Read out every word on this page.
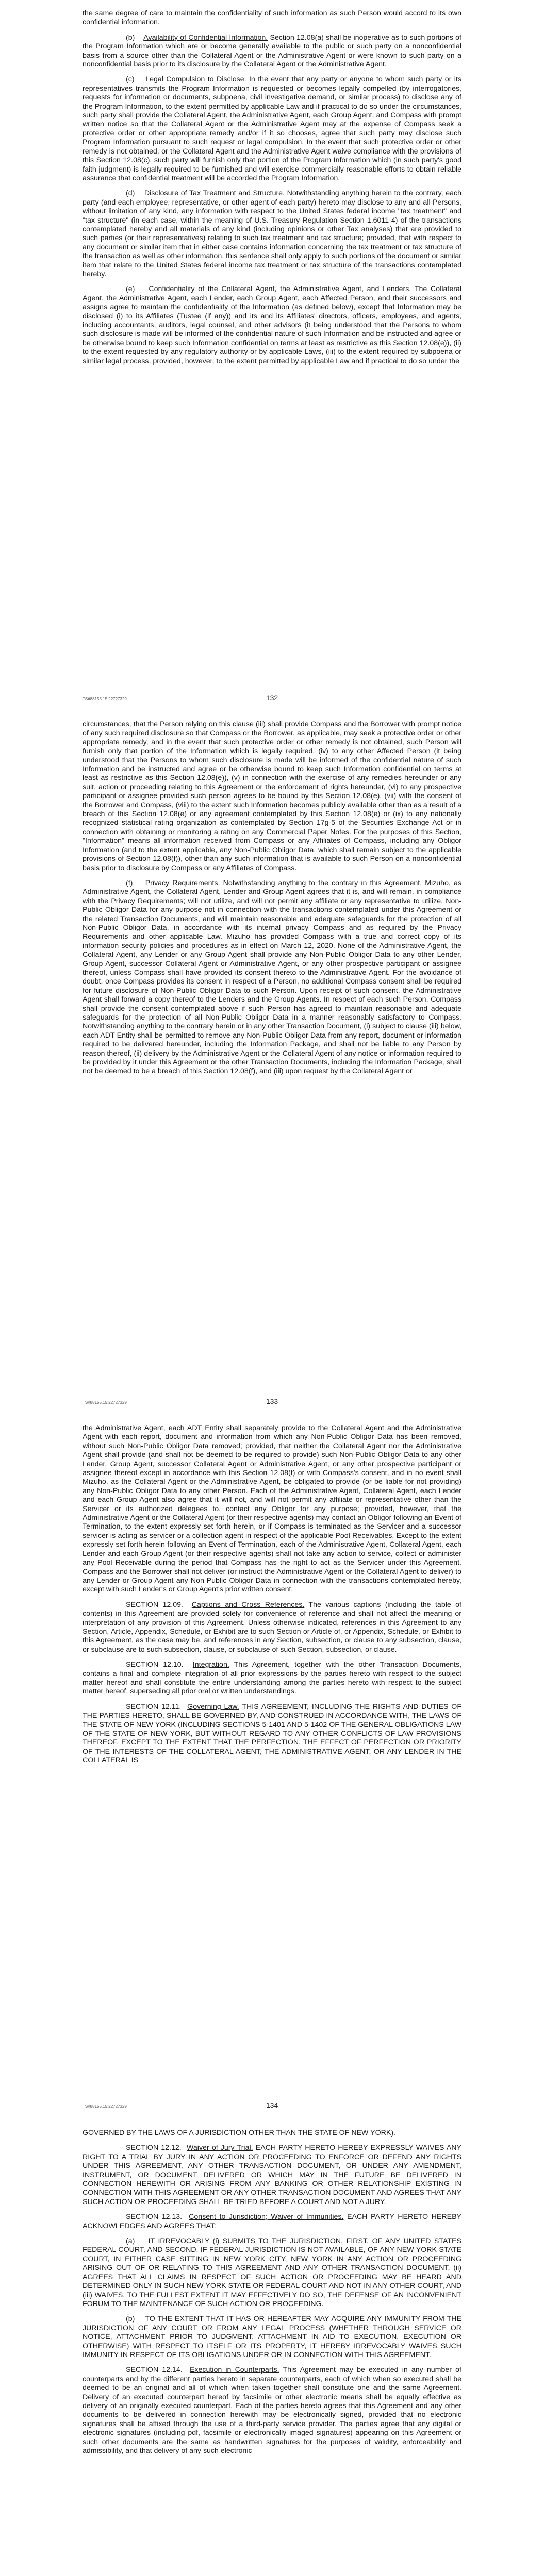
the same degree of care to maintain the confidentiality of such information as such Person would accord to its own confidential information.

(b) Availability of Confidential Information. Section 12.08(a) shall be inoperative as to such portions of the Program Information which are or become generally available to the public or such party on a nonconfidential basis from a source other than the Collateral Agent or the Administrative Agent or were known to such party on a nonconfidential basis prior to its disclosure by the Collateral Agent or the Administrative Agent.

(c) Legal Compulsion to Disclose. In the event that any party or anyone to whom such party or its representatives transmits the Program Information is requested or becomes legally compelled (by interrogatories, requests for information or documents, subpoena, civil investigative demand, or similar process) to disclose any of the Program Information, to the extent permitted by applicable Law and if practical to do so under the circumstances, such party shall provide the Collateral Agent, the Administrative Agent, each Group Agent, and Compass with prompt written notice so that the Collateral Agent or the Administrative Agent may at the expense of Compass seek a protective order or other appropriate remedy and/or if it so chooses, agree that such party may disclose such Program Information pursuant to such request or legal compulsion. In the event that such protective order or other remedy is not obtained, or the Collateral Agent and the Administrative Agent waive compliance with the provisions of this Section 12.08(c), such party will furnish only that portion of the Program Information which (in such party's good faith judgment) is legally required to be furnished and will exercise commercially reasonable efforts to obtain reliable assurance that confidential treatment will be accorded the Program Information.

(d) Disclosure of Tax Treatment and Structure. Notwithstanding anything herein to the contrary, each party (and each employee, representative, or other agent of each party) hereto may disclose to any and all Persons, without limitation of any kind, any information with respect to the United States federal income "tax treatment" and "tax structure" (in each case, within the meaning of U.S. Treasury Regulation Section 1.6011-4) of the transactions contemplated hereby and all materials of any kind (including opinions or other Tax analyses) that are provided to such parties (or their representatives) relating to such tax treatment and tax structure; provided, that with respect to any document or similar item that in either case contains information concerning the tax treatment or tax structure of the transaction as well as other information, this sentence shall only apply to such portions of the document or similar item that relate to the United States federal income tax treatment or tax structure of the transactions contemplated hereby.

(e) Confidentiality of the Collateral Agent, the Administrative Agent, and Lenders. The Collateral Agent, the Administrative Agent, each Lender, each Group Agent, each Affected Person, and their successors and assigns agree to maintain the confidentiality of the Information (as defined below), except that Information may be disclosed (i) to its Affiliates (Tustee (if any)) and its and its Affiliates' directors, officers, employees, and agents, including accountants, auditors, legal counsel, and other advisors (it being understood that the Persons to whom such disclosure is made will be informed of the confidential nature of such Information and be instructed and agree or be otherwise bound to keep such Information confidential on terms at least as restrictive as this Section 12.08(e)), (ii) to the extent requested by any regulatory authority or by applicable Laws, (iii) to the extent required by subpoena or similar legal process, provided, however, to the extent permitted by applicable Law and if practical to do so under the

TS#88155.15:22727329	132

circumstances, that the Person relying on this clause (iii) shall provide Compass and the Borrower with prompt notice of any such required disclosure so that Compass or the Borrower, as applicable, may seek a protective order or other appropriate remedy, and in the event that such protective order or other remedy is not obtained, such Person will furnish only that portion of the Information which is legally required, (iv) to any other Affected Person (it being understood that the Persons to whom such disclosure is made will be informed of the confidential nature of such Information and be instructed and agree or be otherwise bound to keep such Information confidential on terms at least as restrictive as this Section 12.08(e)), (v) in connection with the exercise of any remedies hereunder or any suit, action or proceeding relating to this Agreement or the enforcement of rights hereunder, (vi) to any prospective participant or assignee provided such person agrees to be bound by this Section 12.08(e), (vii) with the consent of the Borrower and Compass, (viii) to the extent such Information becomes publicly available other than as a result of a breach of this Section 12.08(e) or any agreement contemplated by this Section 12.08(e) or (ix) to any nationally recognized statistical rating organization as contemplated by Section 17g-5 of the Securities Exchange Act or in connection with obtaining or monitoring a rating on any Commercial Paper Notes. For the purposes of this Section, "Information" means all information received from Compass or any Affiliates of Compass, including any Obligor Information (and to the extent applicable, any Non-Public Obligor Data, which shall remain subject to the applicable provisions of Section 12.08(f)), other than any such information that is available to such Person on a nonconfidential basis prior to disclosure by Compass or any Affiliates of Compass.

(f) Privacy Requirements. Notwithstanding anything to the contrary in this Agreement, Mizuho, as Administrative Agent, the Collateral Agent, Lender and Group Agent agrees that it is, and will remain, in compliance with the Privacy Requirements; will not utilize, and will not permit any affiliate or any representative to utilize, Non-Public Obligor Data for any purpose not in connection with the transactions contemplated under this Agreement or the related Transaction Documents, and will maintain reasonable and adequate safeguards for the protection of all Non-Public Obligor Data, in accordance with its internal privacy Compass and as required by the Privacy Requirements and other applicable Law. Mizuho has provided Compass with a true and correct copy of its information security policies and procedures as in effect on March 12, 2020. None of the Administrative Agent, the Collateral Agent, any Lender or any Group Agent shall provide any Non-Public Obligor Data to any other Lender, Group Agent, successor Collateral Agent or Administrative Agent, or any other prospective participant or assignee thereof, unless Compass shall have provided its consent thereto to the Administrative Agent. For the avoidance of doubt, once Compass provides its consent in respect of a Person, no additional Compass consent shall be required for future disclosure of Non-Public Obligor Data to such Person. Upon receipt of such consent, the Administrative Agent shall forward a copy thereof to the Lenders and the Group Agents. In respect of each such Person, Compass shall provide the consent contemplated above if such Person has agreed to maintain reasonable and adequate safeguards for the protection of all Non-Public Obligor Data in a manner reasonably satisfactory to Compass. Notwithstanding anything to the contrary herein or in any other Transaction Document, (i) subject to clause (iii) below, each ADT Entity shall be permitted to remove any Non-Public Obligor Data from any report, document or information required to be delivered hereunder, including the Information Package, and shall not be liable to any Person by reason thereof, (ii) delivery by the Administrative Agent or the Collateral Agent of any notice or information required to be provided by it under this Agreement or the other Transaction Documents, including the Information Package, shall not be deemed to be a breach of this Section 12.08(f), and (iii) upon request by the Collateral Agent or

TS#88155.15:22727329	133

the Administrative Agent, each ADT Entity shall separately provide to the Collateral Agent and the Administrative Agent with each report, document and information from which any Non-Public Obligor Data has been removed, without such Non-Public Obligor Data removed; provided, that neither the Collateral Agent nor the Administrative Agent shall provide (and shall not be deemed to be required to provide) such Non-Public Obligor Data to any other Lender, Group Agent, successor Collateral Agent or Administrative Agent, or any other prospective participant or assignee thereof except in accordance with this Section 12.08(f) or with Compass's consent, and in no event shall Mizuho, as the Collateral Agent or the Administrative Agent, be obligated to provide (or be liable for not providing) any Non-Public Obligor Data to any other Person. Each of the Administrative Agent, Collateral Agent, each Lender and each Group Agent also agree that it will not, and will not permit any affiliate or representative other than the Servicer or its authorized delegees to, contact any Obligor for any purpose; provided, however, that the Administrative Agent or the Collateral Agent (or their respective agents) may contact an Obligor following an Event of Termination, to the extent expressly set forth herein, or if Compass is terminated as the Servicer and a successor servicer is acting as servicer or a collection agent in respect of the applicable Pool Receivables. Except to the extent expressly set forth herein following an Event of Termination, each of the Administrative Agent, Collateral Agent, each Lender and each Group Agent (or their respective agents) shall not take any action to service, collect or administer any Pool Receivable during the period that Compass has the right to act as the Servicer under this Agreement. Compass and the Borrower shall not deliver (or instruct the Administrative Agent or the Collateral Agent to deliver) to any Lender or Group Agent any Non-Public Obligor Data in connection with the transactions contemplated hereby, except with such Lender's or Group Agent's prior written consent.

SECTION 12.09. Captions and Cross References. The various captions (including the table of contents) in this Agreement are provided solely for convenience of reference and shall not affect the meaning or interpretation of any provision of this Agreement. Unless otherwise indicated, references in this Agreement to any Section, Article, Appendix, Schedule, or Exhibit are to such Section or Article of, or Appendix, Schedule, or Exhibit to this Agreement, as the case may be, and references in any Section, subsection, or clause to any subsection, clause, or subclause are to such subsection, clause, or subclause of such Section, subsection, or clause.

SECTION 12.10. Integration. This Agreement, together with the other Transaction Documents, contains a final and complete integration of all prior expressions by the parties hereto with respect to the subject matter hereof and shall constitute the entire understanding among the parties hereto with respect to the subject matter hereof, superseding all prior oral or written understandings.

SECTION 12.11. Governing Law. THIS AGREEMENT, INCLUDING THE RIGHTS AND DUTIES OF THE PARTIES HERETO, SHALL BE GOVERNED BY, AND CONSTRUED IN ACCORDANCE WITH, THE LAWS OF THE STATE OF NEW YORK (INCLUDING SECTIONS 5-1401 AND 5-1402 OF THE GENERAL OBLIGATIONS LAW OF THE STATE OF NEW YORK, BUT WITHOUT REGARD TO ANY OTHER CONFLICTS OF LAW PROVISIONS THEREOF, EXCEPT TO THE EXTENT THAT THE PERFECTION, THE EFFECT OF PERFECTION OR PRIORITY OF THE INTERESTS OF THE COLLATERAL AGENT, THE ADMINISTRATIVE AGENT, OR ANY LENDER IN THE COLLATERAL IS

TS#88155.15:22727329	134

GOVERNED BY THE LAWS OF A JURISDICTION OTHER THAN THE STATE OF NEW YORK).

SECTION 12.12. Waiver of Jury Trial. EACH PARTY HERETO HEREBY EXPRESSLY WAIVES ANY RIGHT TO A TRIAL BY JURY IN ANY ACTION OR PROCEEDING TO ENFORCE OR DEFEND ANY RIGHTS UNDER THIS AGREEMENT, ANY OTHER TRANSACTION DOCUMENT, OR UNDER ANY AMENDMENT, INSTRUMENT, OR DOCUMENT DELIVERED OR WHICH MAY IN THE FUTURE BE DELIVERED IN CONNECTION HEREWITH OR ARISING FROM ANY BANKING OR OTHER RELATIONSHIP EXISTING IN CONNECTION WITH THIS AGREEMENT OR ANY OTHER TRANSACTION DOCUMENT AND AGREES THAT ANY SUCH ACTION OR PROCEEDING SHALL BE TRIED BEFORE A COURT AND NOT A JURY.

SECTION 12.13. Consent to Jurisdiction; Waiver of Immunities. EACH PARTY HERETO HEREBY ACKNOWLEDGES AND AGREES THAT:

(a) IT IRREVOCABLY (i) SUBMITS TO THE JURISDICTION, FIRST, OF ANY UNITED STATES FEDERAL COURT, AND SECOND, IF FEDERAL JURISDICTION IS NOT AVAILABLE, OF ANY NEW YORK STATE COURT, IN EITHER CASE SITTING IN NEW YORK CITY, NEW YORK IN ANY ACTION OR PROCEEDING ARISING OUT OF OR RELATING TO THIS AGREEMENT AND ANY OTHER TRANSACTION DOCUMENT, (ii) AGREES THAT ALL CLAIMS IN RESPECT OF SUCH ACTION OR PROCEEDING MAY BE HEARD AND DETERMINED ONLY IN SUCH NEW YORK STATE OR FEDERAL COURT AND NOT IN ANY OTHER COURT, AND (iii) WAIVES, TO THE FULLEST EXTENT IT MAY EFFECTIVELY DO SO, THE DEFENSE OF AN INCONVENIENT FORUM TO THE MAINTENANCE OF SUCH ACTION OR PROCEEDING.

(b) TO THE EXTENT THAT IT HAS OR HEREAFTER MAY ACQUIRE ANY IMMUNITY FROM THE JURISDICTION OF ANY COURT OR FROM ANY LEGAL PROCESS (WHETHER THROUGH SERVICE OR NOTICE, ATTACHMENT PRIOR TO JUDGMENT, ATTACHMENT IN AID TO EXECUTION, EXECUTION OR OTHERWISE) WITH RESPECT TO ITSELF OR ITS PROPERTY, IT HEREBY IRREVOCABLY WAIVES SUCH IMMUNITY IN RESPECT OF ITS OBLIGATIONS UNDER OR IN CONNECTION WITH THIS AGREEMENT.

SECTION 12.14. Execution in Counterparts. This Agreement may be executed in any number of counterparts and by the different parties hereto in separate counterparts, each of which when so executed shall be deemed to be an original and all of which when taken together shall constitute one and the same Agreement. Delivery of an executed counterpart hereof by facsimile or other electronic means shall be equally effective as delivery of an originally executed counterpart. Each of the parties hereto agrees that this Agreement and any other documents to be delivered in connection herewith may be electronically signed, provided that no electronic signatures shall be affixed through the use of a third-party service provider. The parties agree that any digital or electronic signatures (including pdf, facsimile or electronically imaged signatures) appearing on this Agreement or such other documents are the same as handwritten signatures for the purposes of validity, enforceability and admissibility, and that delivery of any such electronic
